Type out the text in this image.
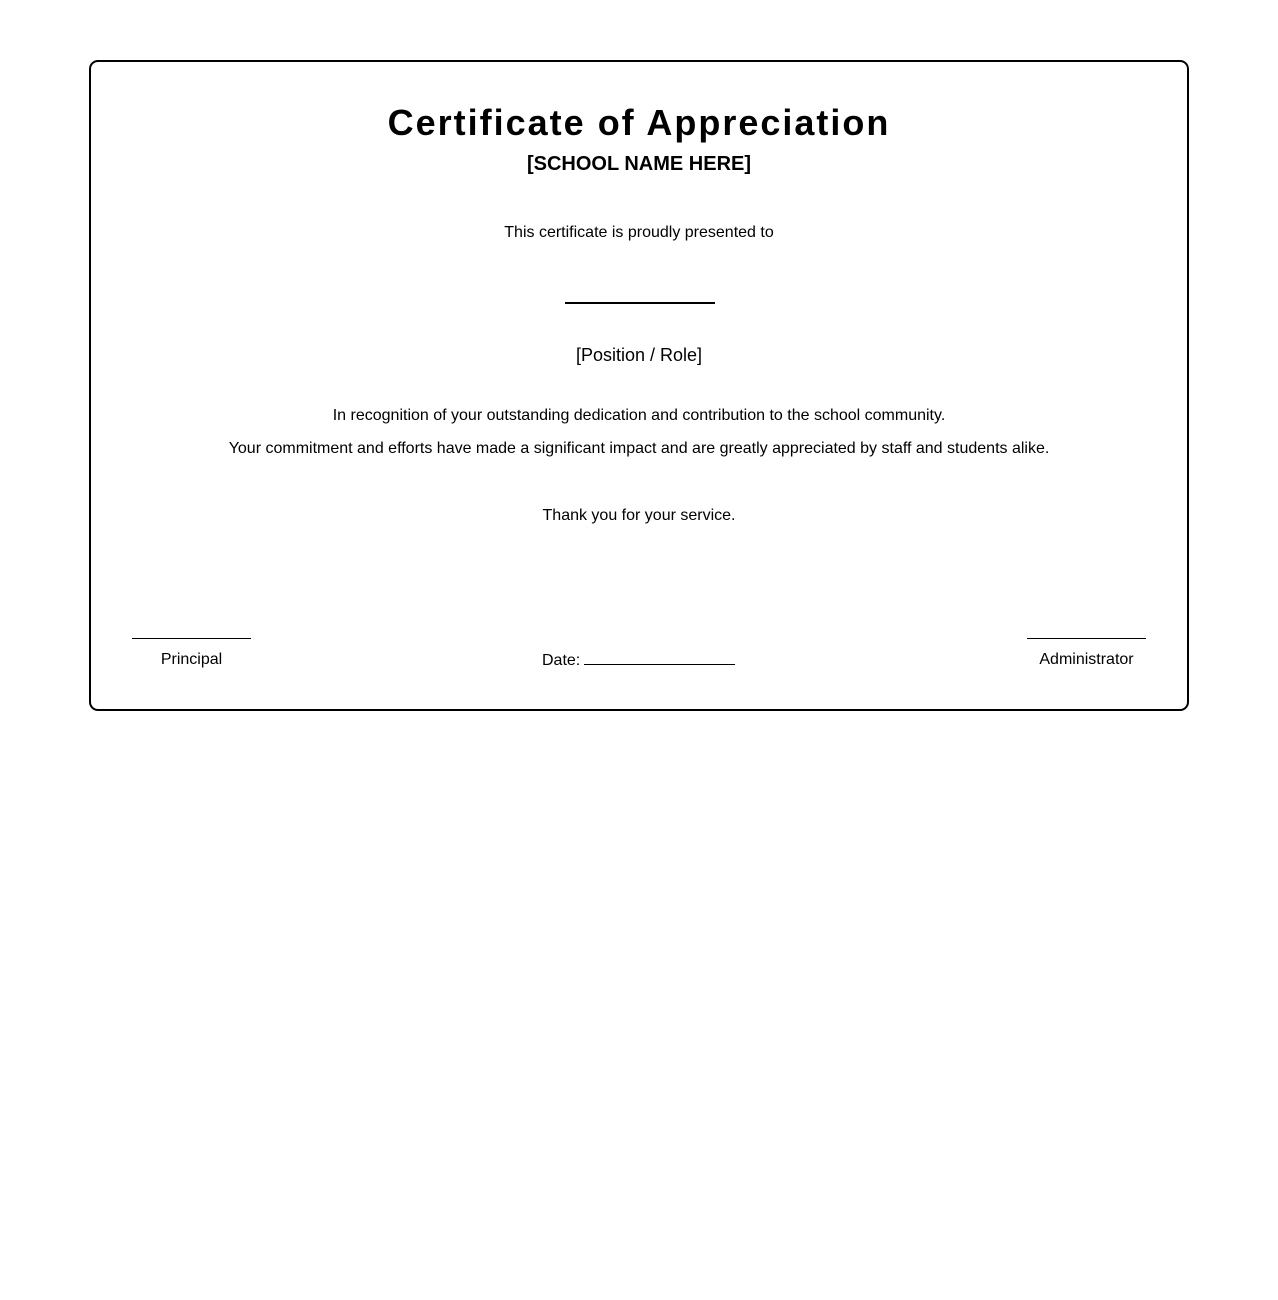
Certificate of Appreciation
[SCHOOL NAME HERE]
This certificate is proudly presented to
[Position / Role]
In recognition of your outstanding dedication and contribution to the school community.
Your commitment and efforts have made a significant impact and are greatly appreciated by staff and students alike.
Thank you for your service.
Principal	Date:	Administrator
